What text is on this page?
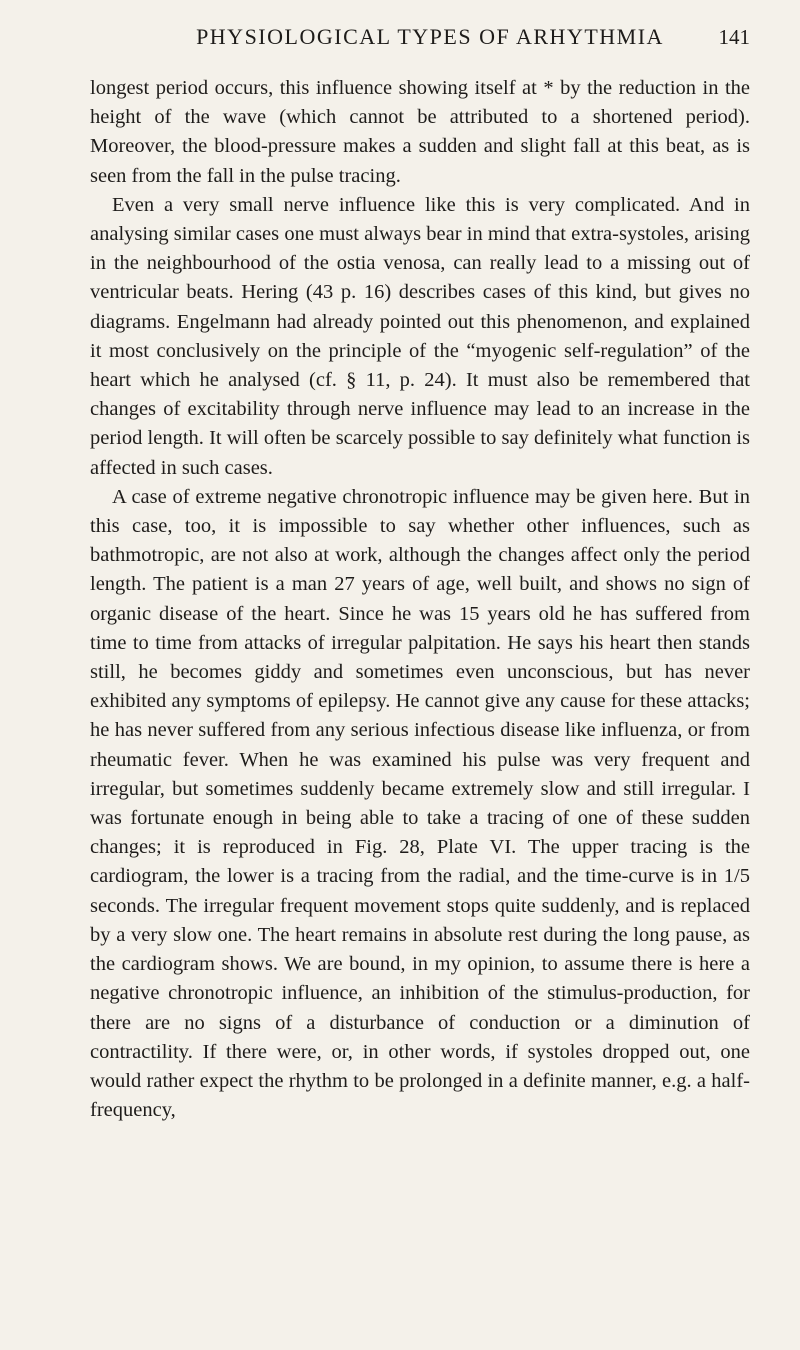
PHYSIOLOGICAL TYPES OF ARHYTHMIA	141

longest period occurs, this influence showing itself at * by the reduction in the height of the wave (which cannot be attributed to a shortened period). Moreover, the blood-pressure makes a sudden and slight fall at this beat, as is seen from the fall in the pulse tracing.

Even a very small nerve influence like this is very complicated. And in analysing similar cases one must always bear in mind that extra-systoles, arising in the neighbourhood of the ostia venosa, can really lead to a missing out of ventricular beats. Hering (43 p. 16) describes cases of this kind, but gives no diagrams. Engelmann had already pointed out this phenomenon, and explained it most conclusively on the principle of the “myogenic self-regulation” of the heart which he analysed (cf. § 11, p. 24). It must also be remembered that changes of excitability through nerve influence may lead to an increase in the period length. It will often be scarcely possible to say definitely what function is affected in such cases.

A case of extreme negative chronotropic influence may be given here. But in this case, too, it is impossible to say whether other influences, such as bathmotropic, are not also at work, although the changes affect only the period length. The patient is a man 27 years of age, well built, and shows no sign of organic disease of the heart. Since he was 15 years old he has suffered from time to time from attacks of irregular palpitation. He says his heart then stands still, he becomes giddy and sometimes even unconscious, but has never exhibited any symptoms of epilepsy. He cannot give any cause for these attacks; he has never suffered from any serious infectious disease like influenza, or from rheumatic fever. When he was examined his pulse was very frequent and irregular, but sometimes suddenly became extremely slow and still irregular. I was fortunate enough in being able to take a tracing of one of these sudden changes; it is reproduced in Fig. 28, Plate VI. The upper tracing is the cardiogram, the lower is a tracing from the radial, and the time-curve is in 1/5 seconds. The irregular frequent movement stops quite suddenly, and is replaced by a very slow one. The heart remains in absolute rest during the long pause, as the cardiogram shows. We are bound, in my opinion, to assume there is here a negative chronotropic influence, an inhibition of the stimulus-production, for there are no signs of a disturbance of conduction or a diminution of contractility. If there were, or, in other words, if systoles dropped out, one would rather expect the rhythm to be prolonged in a definite manner, e.g. a half-frequency,
